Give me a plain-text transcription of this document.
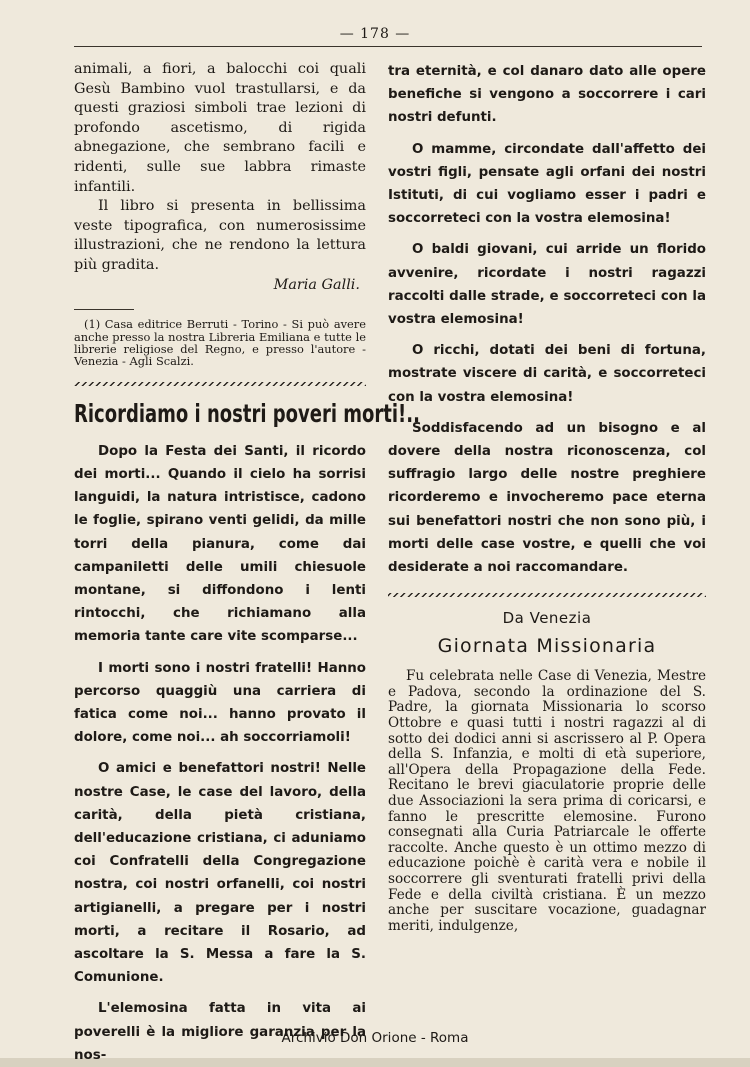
— 178 —

animali, a fiori, a balocchi coi quali Gesù Bambino vuol trastullarsi, e da questi graziosi simboli trae lezioni di profondo ascetismo, di rigida abnegazione, che sembrano facili e ridenti, sulle sue labbra rimaste infantili.

Il libro si presenta in bellissima veste tipografica, con numerosissime illustrazioni, che ne rendono la lettura più gradita.

Maria Galli.

(1) Casa editrice Berruti - Torino - Si può avere anche presso la nostra Libreria Emiliana e tutte le librerie religiose del Regno, e presso l'autore - Venezia - Agli Scalzi.

Ricordiamo i nostri poveri morti!..

Dopo la Festa dei Santi, il ricordo dei morti... Quando il cielo ha sorrisi languidi, la natura intristisce, cadono le foglie, spirano venti gelidi, da mille torri della pianura, come dai campaniletti delle umili chiesuole montane, si diffondono i lenti rintocchi, che richiamano alla memoria tante care vite scomparse...

I morti sono i nostri fratelli! Hanno percorso quaggiù una carriera di fatica come noi... hanno provato il dolore, come noi... ah soccorriamoli!

O amici e benefattori nostri! Nelle nostre Case, le case del lavoro, della carità, della pietà cristiana, dell'educazione cristiana, ci aduniamo coi Confratelli della Congregazione nostra, coi nostri orfanelli, coi nostri artigianelli, a pregare per i nostri morti, a recitare il Rosario, ad ascoltare la S. Messa a fare la S. Comunione.

L'elemosina fatta in vita ai poverelli è la migliore garanzia per la nos-

tra eternità, e col danaro dato alle opere benefiche si vengono a soccorrere i cari nostri defunti.

O mamme, circondate dall'affetto dei vostri figli, pensate agli orfani dei nostri Istituti, di cui vogliamo esser i padri e soccorreteci con la vostra elemosina!

O baldi giovani, cui arride un florido avvenire, ricordate i nostri ragazzi raccolti dalle strade, e soccorreteci con la vostra elemosina!

O ricchi, dotati dei beni di fortuna, mostrate viscere di carità, e soccorreteci con la vostra elemosina!

Soddisfacendo ad un bisogno e al dovere della nostra riconoscenza, col suffragio largo delle nostre preghiere ricorderemo e invocheremo pace eterna sui benefattori nostri che non sono più, i morti delle case vostre, e quelli che voi desiderate a noi raccomandare.

Da Venezia
Giornata Missionaria

Fu celebrata nelle Case di Venezia, Mestre e Padova, secondo la ordinazione del S. Padre, la giornata Missionaria lo scorso Ottobre e quasi tutti i nostri ragazzi al di sotto dei dodici anni si ascrissero al P. Opera della S. Infanzia, e molti di età superiore, all'Opera della Propagazione della Fede. Recitano le brevi giaculatorie proprie delle due Associazioni la sera prima di coricarsi, e fanno le prescritte elemosine. Furono consegnati alla Curia Patriarcale le offerte raccolte. Anche questo è un ottimo mezzo di educazione poichè è carità vera e nobile il soccorrere gli sventurati fratelli privi della Fede e della civiltà cristiana. È un mezzo anche per suscitare vocazione, guadagnar meriti, indulgenze,

Archivio Don Orione - Roma
